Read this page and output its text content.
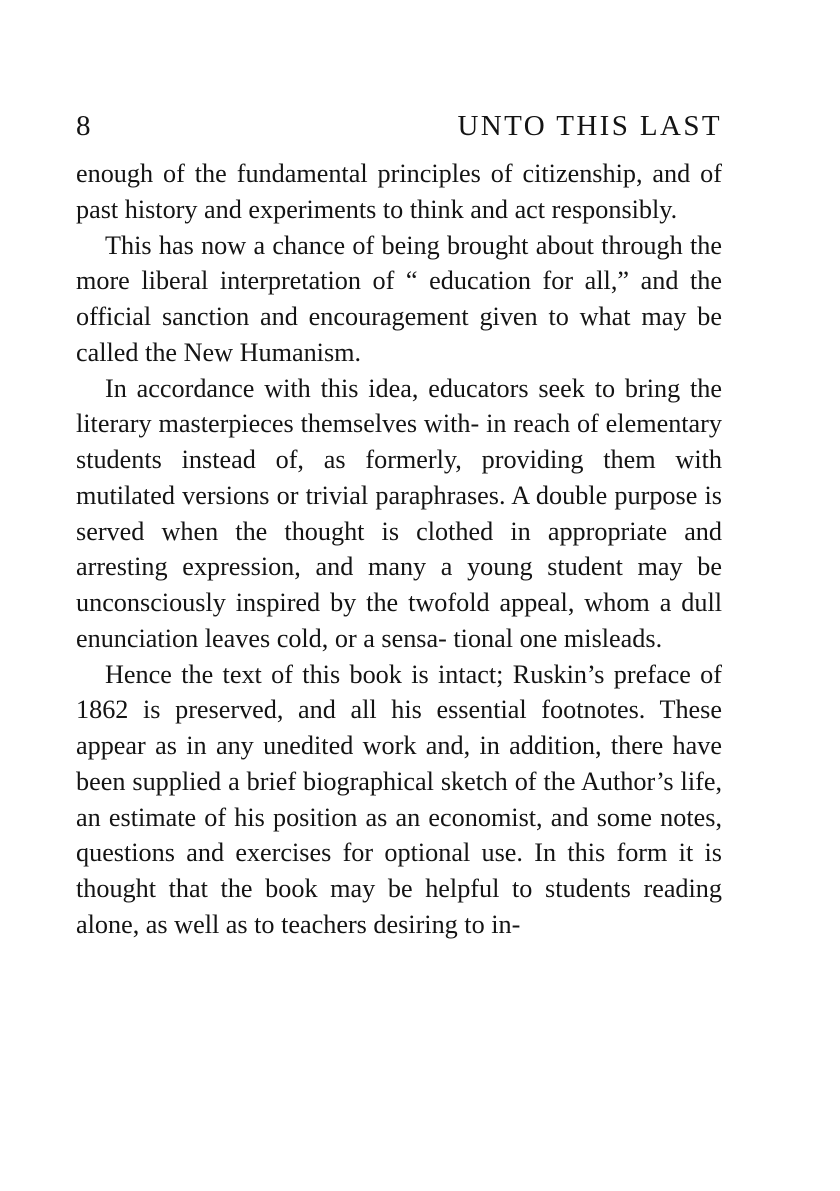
8	UNTO THIS LAST

enough of the fundamental principles of citizenship, and of past history and experiments to think and act responsibly.

This has now a chance of being brought about through the more liberal interpretation of “ education for all,” and the official sanction and encouragement given to what may be called the New Humanism.

In accordance with this idea, educators seek to bring the literary masterpieces themselves with- in reach of elementary students instead of, as formerly, providing them with mutilated versions or trivial paraphrases. A double purpose is served when the thought is clothed in appropriate and arresting expression, and many a young student may be unconsciously inspired by the twofold appeal, whom a dull enunciation leaves cold, or a sensa- tional one misleads.

Hence the text of this book is intact; Ruskin’s preface of 1862 is preserved, and all his essential footnotes. These appear as in any unedited work and, in addition, there have been supplied a brief biographical sketch of the Author’s life, an estimate of his position as an economist, and some notes, questions and exercises for optional use. In this form it is thought that the book may be helpful to students reading alone, as well as to teachers desiring to in-
